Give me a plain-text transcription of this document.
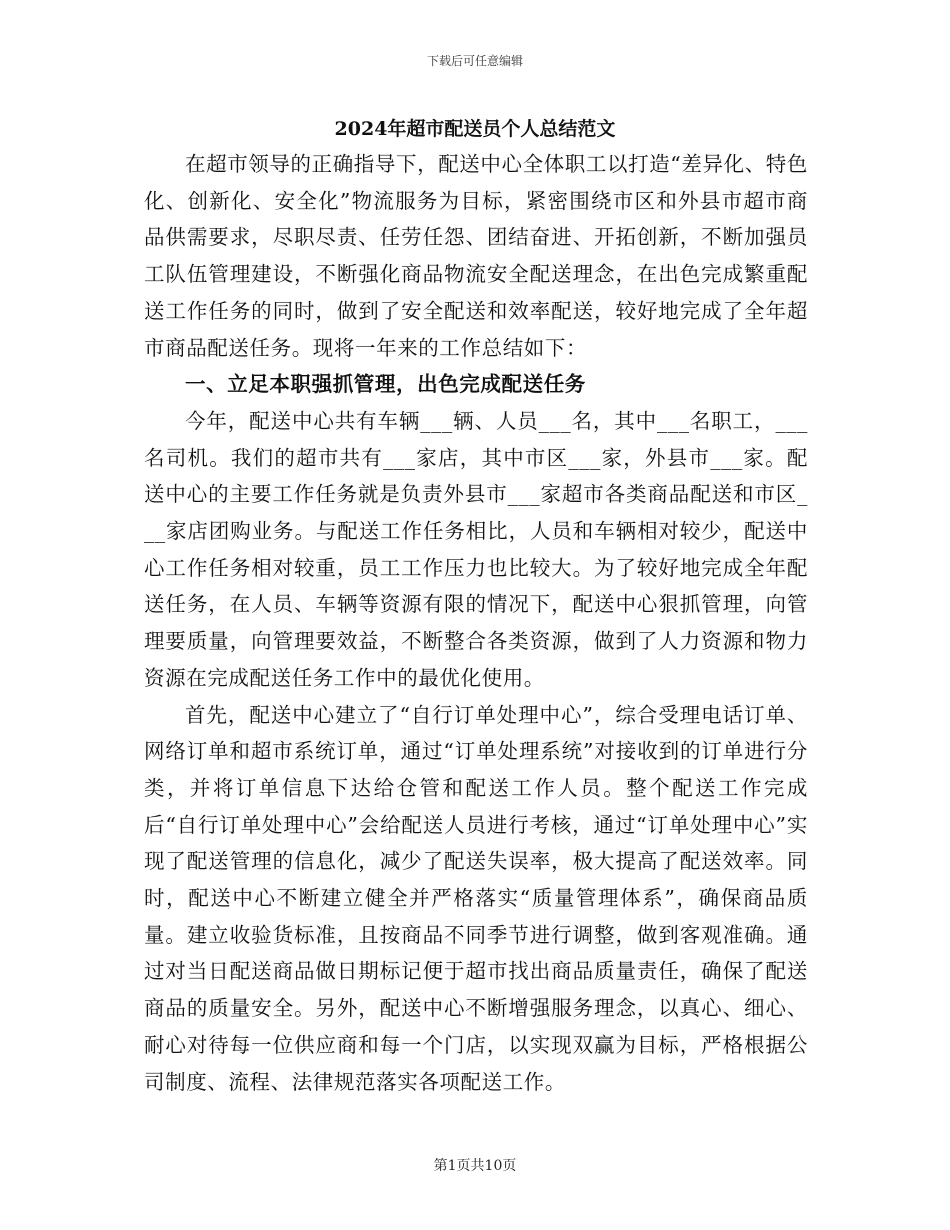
下载后可任意编辑
2024年超市配送员个人总结范文

在超市领导的正确指导下，配送中心全体职工以打造“差异化、特色化、创新化、安全化”物流服务为目标，紧密围绕市区和外县市超市商品供需要求，尽职尽责、任劳任怨、团结奋进、开拓创新，不断加强员工队伍管理建设，不断强化商品物流安全配送理念，在出色完成繁重配送工作任务的同时，做到了安全配送和效率配送，较好地完成了全年超市商品配送任务。现将一年来的工作总结如下：

一、立足本职强抓管理，出色完成配送任务

今年，配送中心共有车辆___辆、人员___名，其中___名职工，___名司机。我们的超市共有___家店，其中市区___家，外县市___家。配送中心的主要工作任务就是负责外县市___家超市各类商品配送和市区___家店团购业务。与配送工作任务相比，人员和车辆相对较少，配送中心工作任务相对较重，员工工作压力也比较大。为了较好地完成全年配送任务，在人员、车辆等资源有限的情况下，配送中心狠抓管理，向管理要质量，向管理要效益，不断整合各类资源，做到了人力资源和物力资源在完成配送任务工作中的最优化使用。

首先，配送中心建立了“自行订单处理中心”，综合受理电话订单、网络订单和超市系统订单，通过“订单处理系统”对接收到的订单进行分类，并将订单信息下达给仓管和配送工作人员。整个配送工作完成后“自行订单处理中心”会给配送人员进行考核，通过“订单处理中心”实现了配送管理的信息化，减少了配送失误率，极大提高了配送效率。同时，配送中心不断建立健全并严格落实“质量管理体系”，确保商品质量。建立收验货标准，且按商品不同季节进行调整，做到客观准确。通过对当日配送商品做日期标记便于超市找出商品质量责任，确保了配送商品的质量安全。另外，配送中心不断增强服务理念，以真心、细心、耐心对待每一位供应商和每一个门店，以实现双赢为目标，严格根据公司制度、流程、法律规范落实各项配送工作。

第1页共10页
